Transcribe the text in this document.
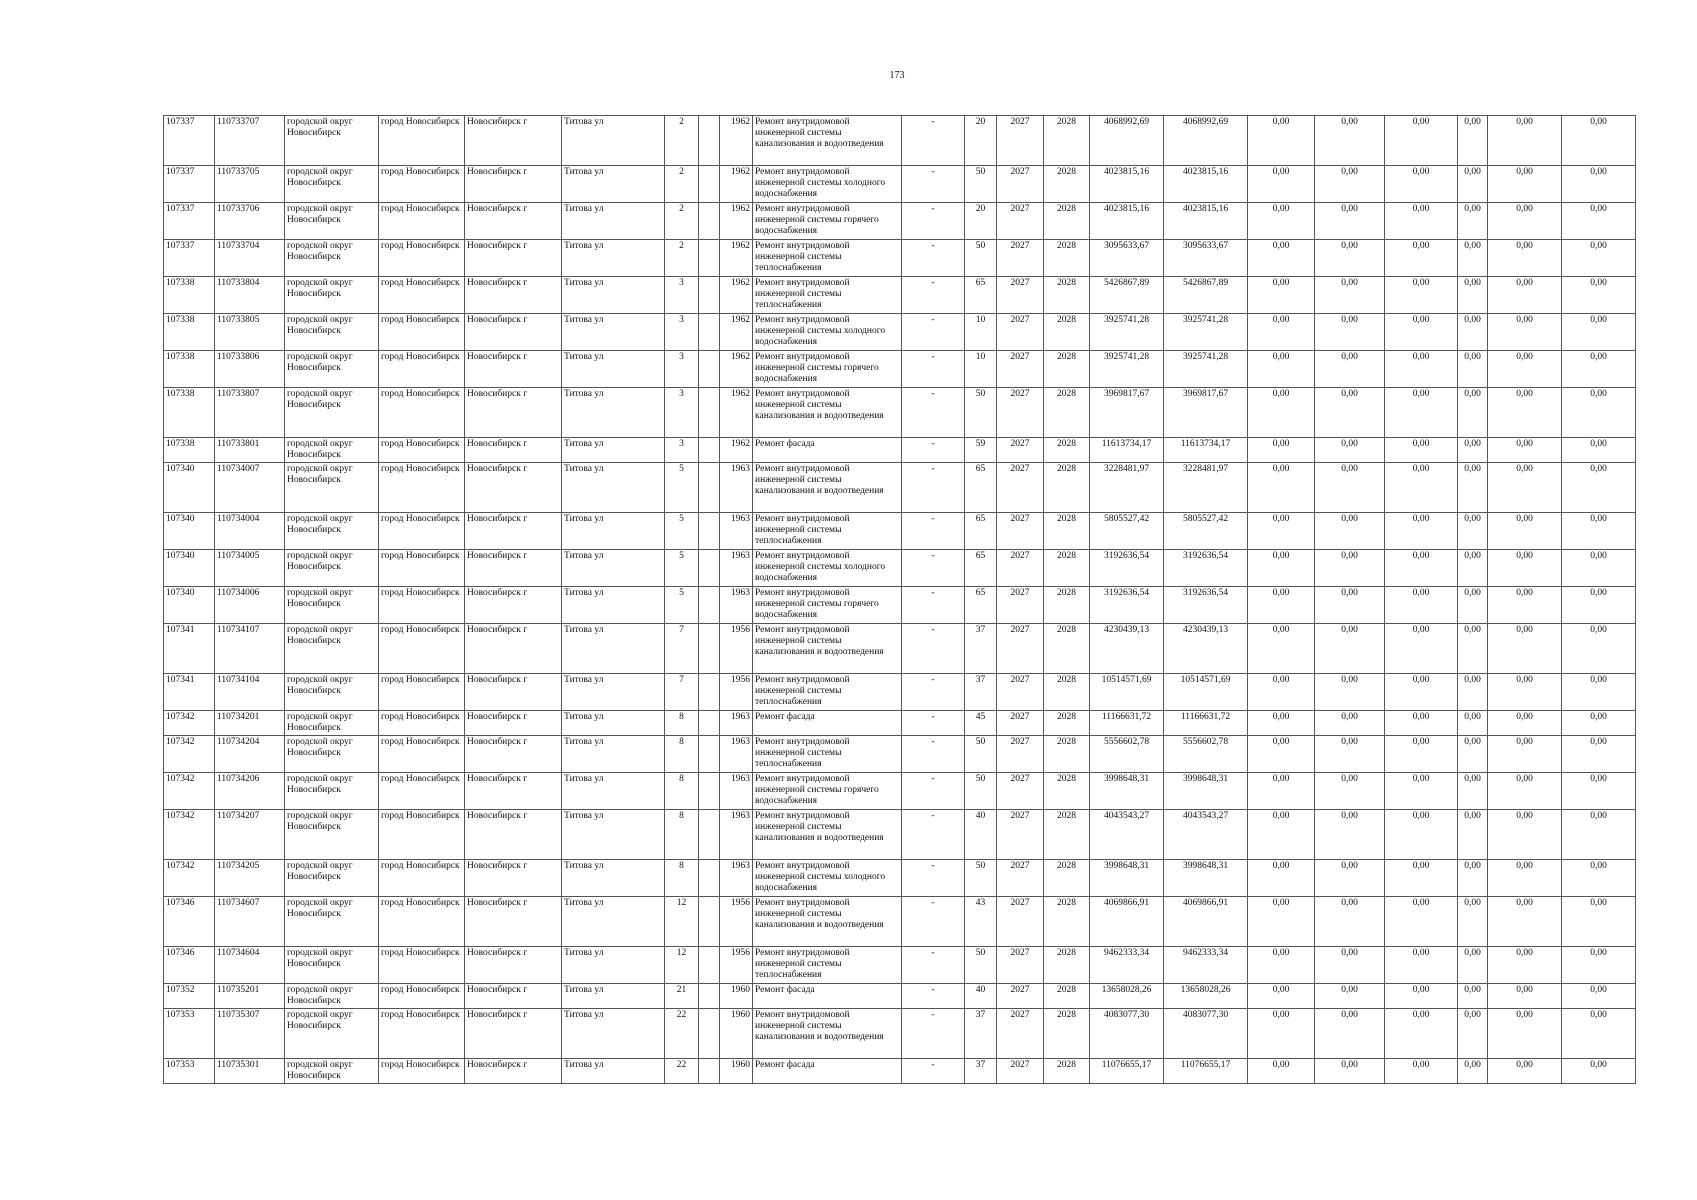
173
107337	110733707	городской округ Новосибирск	город Новосибирск	Новосибирск г	Титова ул	2		1962	Ремонт внутридомовой инженерной системы канализования и водоотведения	-	20	2027	2028	4068992,69	4068992,69	0,00	0,00	0,00	0,00	0,00	0,00
107337	110733705	городской округ Новосибирск	город Новосибирск	Новосибирск г	Титова ул	2		1962	Ремонт внутридомовой инженерной системы холодного водоснабжения	-	50	2027	2028	4023815,16	4023815,16	0,00	0,00	0,00	0,00	0,00	0,00
107337	110733706	городской округ Новосибирск	город Новосибирск	Новосибирск г	Титова ул	2		1962	Ремонт внутридомовой инженерной системы горячего водоснабжения	-	20	2027	2028	4023815,16	4023815,16	0,00	0,00	0,00	0,00	0,00	0,00
107337	110733704	городской округ Новосибирск	город Новосибирск	Новосибирск г	Титова ул	2		1962	Ремонт внутридомовой инженерной системы теплоснабжения	-	50	2027	2028	3095633,67	3095633,67	0,00	0,00	0,00	0,00	0,00	0,00
107338	110733804	городской округ Новосибирск	город Новосибирск	Новосибирск г	Титова ул	3		1962	Ремонт внутридомовой инженерной системы теплоснабжения	-	65	2027	2028	5426867,89	5426867,89	0,00	0,00	0,00	0,00	0,00	0,00
107338	110733805	городской округ Новосибирск	город Новосибирск	Новосибирск г	Титова ул	3		1962	Ремонт внутридомовой инженерной системы холодного водоснабжения	-	10	2027	2028	3925741,28	3925741,28	0,00	0,00	0,00	0,00	0,00	0,00
107338	110733806	городской округ Новосибирск	город Новосибирск	Новосибирск г	Титова ул	3		1962	Ремонт внутридомовой инженерной системы горячего водоснабжения	-	10	2027	2028	3925741,28	3925741,28	0,00	0,00	0,00	0,00	0,00	0,00
107338	110733807	городской округ Новосибирск	город Новосибирск	Новосибирск г	Титова ул	3		1962	Ремонт внутридомовой инженерной системы канализования и водоотведения	-	50	2027	2028	3969817,67	3969817,67	0,00	0,00	0,00	0,00	0,00	0,00
107338	110733801	городской округ Новосибирск	город Новосибирск	Новосибирск г	Титова ул	3		1962	Ремонт фасада	-	59	2027	2028	11613734,17	11613734,17	0,00	0,00	0,00	0,00	0,00	0,00
107340	110734007	городской округ Новосибирск	город Новосибирск	Новосибирск г	Титова ул	5		1963	Ремонт внутридомовой инженерной системы канализования и водоотведения	-	65	2027	2028	3228481,97	3228481,97	0,00	0,00	0,00	0,00	0,00	0,00
107340	110734004	городской округ Новосибирск	город Новосибирск	Новосибирск г	Титова ул	5		1963	Ремонт внутридомовой инженерной системы теплоснабжения	-	65	2027	2028	5805527,42	5805527,42	0,00	0,00	0,00	0,00	0,00	0,00
107340	110734005	городской округ Новосибирск	город Новосибирск	Новосибирск г	Титова ул	5		1963	Ремонт внутридомовой инженерной системы холодного водоснабжения	-	65	2027	2028	3192636,54	3192636,54	0,00	0,00	0,00	0,00	0,00	0,00
107340	110734006	городской округ Новосибирск	город Новосибирск	Новосибирск г	Титова ул	5		1963	Ремонт внутридомовой инженерной системы горячего водоснабжения	-	65	2027	2028	3192636,54	3192636,54	0,00	0,00	0,00	0,00	0,00	0,00
107341	110734107	городской округ Новосибирск	город Новосибирск	Новосибирск г	Титова ул	7		1956	Ремонт внутридомовой инженерной системы канализования и водоотведения	-	37	2027	2028	4230439,13	4230439,13	0,00	0,00	0,00	0,00	0,00	0,00
107341	110734104	городской округ Новосибирск	город Новосибирск	Новосибирск г	Титова ул	7		1956	Ремонт внутридомовой инженерной системы теплоснабжения	-	37	2027	2028	10514571,69	10514571,69	0,00	0,00	0,00	0,00	0,00	0,00
107342	110734201	городской округ Новосибирск	город Новосибирск	Новосибирск г	Титова ул	8		1963	Ремонт фасада	-	45	2027	2028	11166631,72	11166631,72	0,00	0,00	0,00	0,00	0,00	0,00
107342	110734204	городской округ Новосибирск	город Новосибирск	Новосибирск г	Титова ул	8		1963	Ремонт внутридомовой инженерной системы теплоснабжения	-	50	2027	2028	5556602,78	5556602,78	0,00	0,00	0,00	0,00	0,00	0,00
107342	110734206	городской округ Новосибирск	город Новосибирск	Новосибирск г	Титова ул	8		1963	Ремонт внутридомовой инженерной системы горячего водоснабжения	-	50	2027	2028	3998648,31	3998648,31	0,00	0,00	0,00	0,00	0,00	0,00
107342	110734207	городской округ Новосибирск	город Новосибирск	Новосибирск г	Титова ул	8		1963	Ремонт внутридомовой инженерной системы канализования и водоотведения	-	40	2027	2028	4043543,27	4043543,27	0,00	0,00	0,00	0,00	0,00	0,00
107342	110734205	городской округ Новосибирск	город Новосибирск	Новосибирск г	Титова ул	8		1963	Ремонт внутридомовой инженерной системы холодного водоснабжения	-	50	2027	2028	3998648,31	3998648,31	0,00	0,00	0,00	0,00	0,00	0,00
107346	110734607	городской округ Новосибирск	город Новосибирск	Новосибирск г	Титова ул	12		1956	Ремонт внутридомовой инженерной системы канализования и водоотведения	-	43	2027	2028	4069866,91	4069866,91	0,00	0,00	0,00	0,00	0,00	0,00
107346	110734604	городской округ Новосибирск	город Новосибирск	Новосибирск г	Титова ул	12		1956	Ремонт внутридомовой инженерной системы теплоснабжения	-	50	2027	2028	9462333,34	9462333,34	0,00	0,00	0,00	0,00	0,00	0,00
107352	110735201	городской округ Новосибирск	город Новосибирск	Новосибирск г	Титова ул	21		1960	Ремонт фасада	-	40	2027	2028	13658028,26	13658028,26	0,00	0,00	0,00	0,00	0,00	0,00
107353	110735307	городской округ Новосибирск	город Новосибирск	Новосибирск г	Титова ул	22		1960	Ремонт внутридомовой инженерной системы канализования и водоотведения	-	37	2027	2028	4083077,30	4083077,30	0,00	0,00	0,00	0,00	0,00	0,00
107353	110735301	городской округ Новосибирск	город Новосибирск	Новосибирск г	Титова ул	22		1960	Ремонт фасада	-	37	2027	2028	11076655,17	11076655,17	0,00	0,00	0,00	0,00	0,00	0,00
